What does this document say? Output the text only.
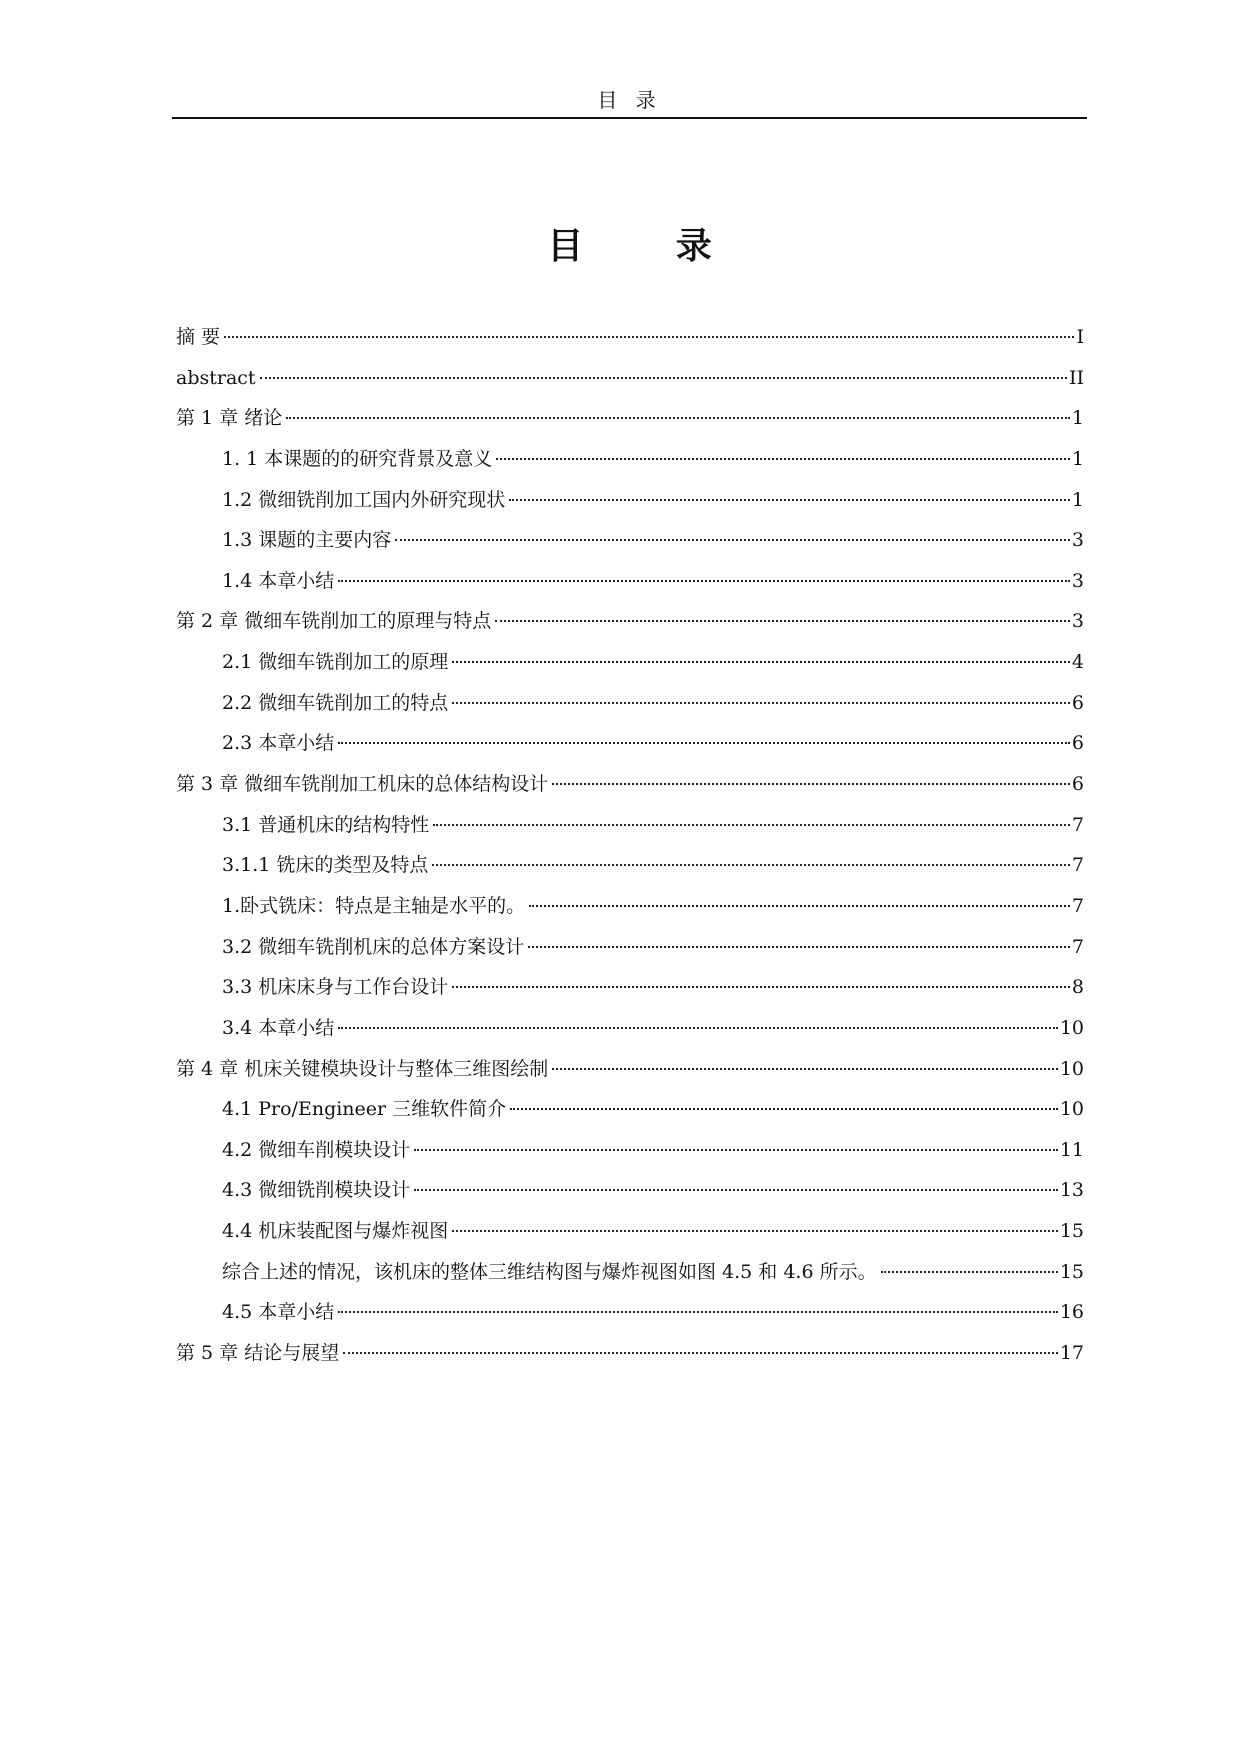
目 录
目 录
摘 要	I
abstract	II
第 1 章 绪论	1
1. 1 本课题的的研究背景及意义	1
1.2 微细铣削加工国内外研究现状	1
1.3 课题的主要内容	3
1.4 本章小结	3
第 2 章 微细车铣削加工的原理与特点	3
2.1 微细车铣削加工的原理	4
2.2 微细车铣削加工的特点	6
2.3 本章小结	6
第 3 章 微细车铣削加工机床的总体结构设计	6
3.1 普通机床的结构特性	7
3.1.1 铣床的类型及特点	7
1.卧式铣床：特点是主轴是水平的。	7
3.2 微细车铣削机床的总体方案设计	7
3.3 机床床身与工作台设计	8
3.4 本章小结	10
第 4 章 机床关键模块设计与整体三维图绘制	10
4.1 Pro/Engineer 三维软件简介	10
4.2 微细车削模块设计	11
4.3 微细铣削模块设计	13
4.4 机床装配图与爆炸视图	15
综合上述的情况，该机床的整体三维结构图与爆炸视图如图 4.5 和 4.6 所示。	15
4.5 本章小结	16
第 5 章 结论与展望	17
